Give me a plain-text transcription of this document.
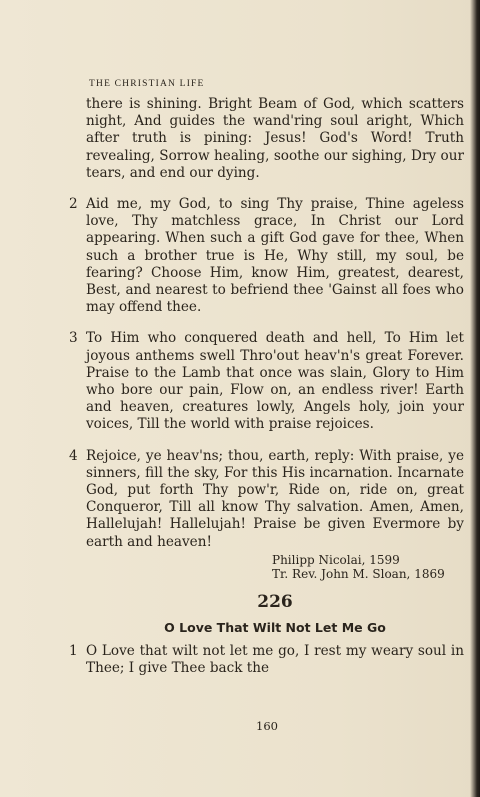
THE CHRISTIAN LIFE

there is shining. Bright Beam of God, which scatters night, And guides the wand'ring soul aright, Which after truth is pining: Jesus! God's Word! Truth revealing, Sorrow healing, soothe our sighing, Dry our tears, and end our dying.

2 Aid me, my God, to sing Thy praise, Thine ageless love, Thy matchless grace, In Christ our Lord appearing. When such a gift God gave for thee, When such a brother true is He, Why still, my soul, be fearing? Choose Him, know Him, greatest, dearest, Best, and nearest to befriend thee 'Gainst all foes who may offend thee.

3 To Him who conquered death and hell, To Him let joyous anthems swell Thro'out heav'n's great Forever. Praise to the Lamb that once was slain, Glory to Him who bore our pain, Flow on, an endless river! Earth and heaven, creatures lowly, Angels holy, join your voices, Till the world with praise rejoices.

4 Rejoice, ye heav'ns; thou, earth, reply: With praise, ye sinners, fill the sky, For this His incarnation. Incarnate God, put forth Thy pow'r, Ride on, ride on, great Conqueror, Till all know Thy salvation. Amen, Amen, Hallelujah! Hallelujah! Praise be given Evermore by earth and heaven!

Philipp Nicolai, 1599
Tr. Rev. John M. Sloan, 1869
226
O Love That Wilt Not Let Me Go
1 O Love that wilt not let me go, I rest my weary soul in Thee; I give Thee back the

160
